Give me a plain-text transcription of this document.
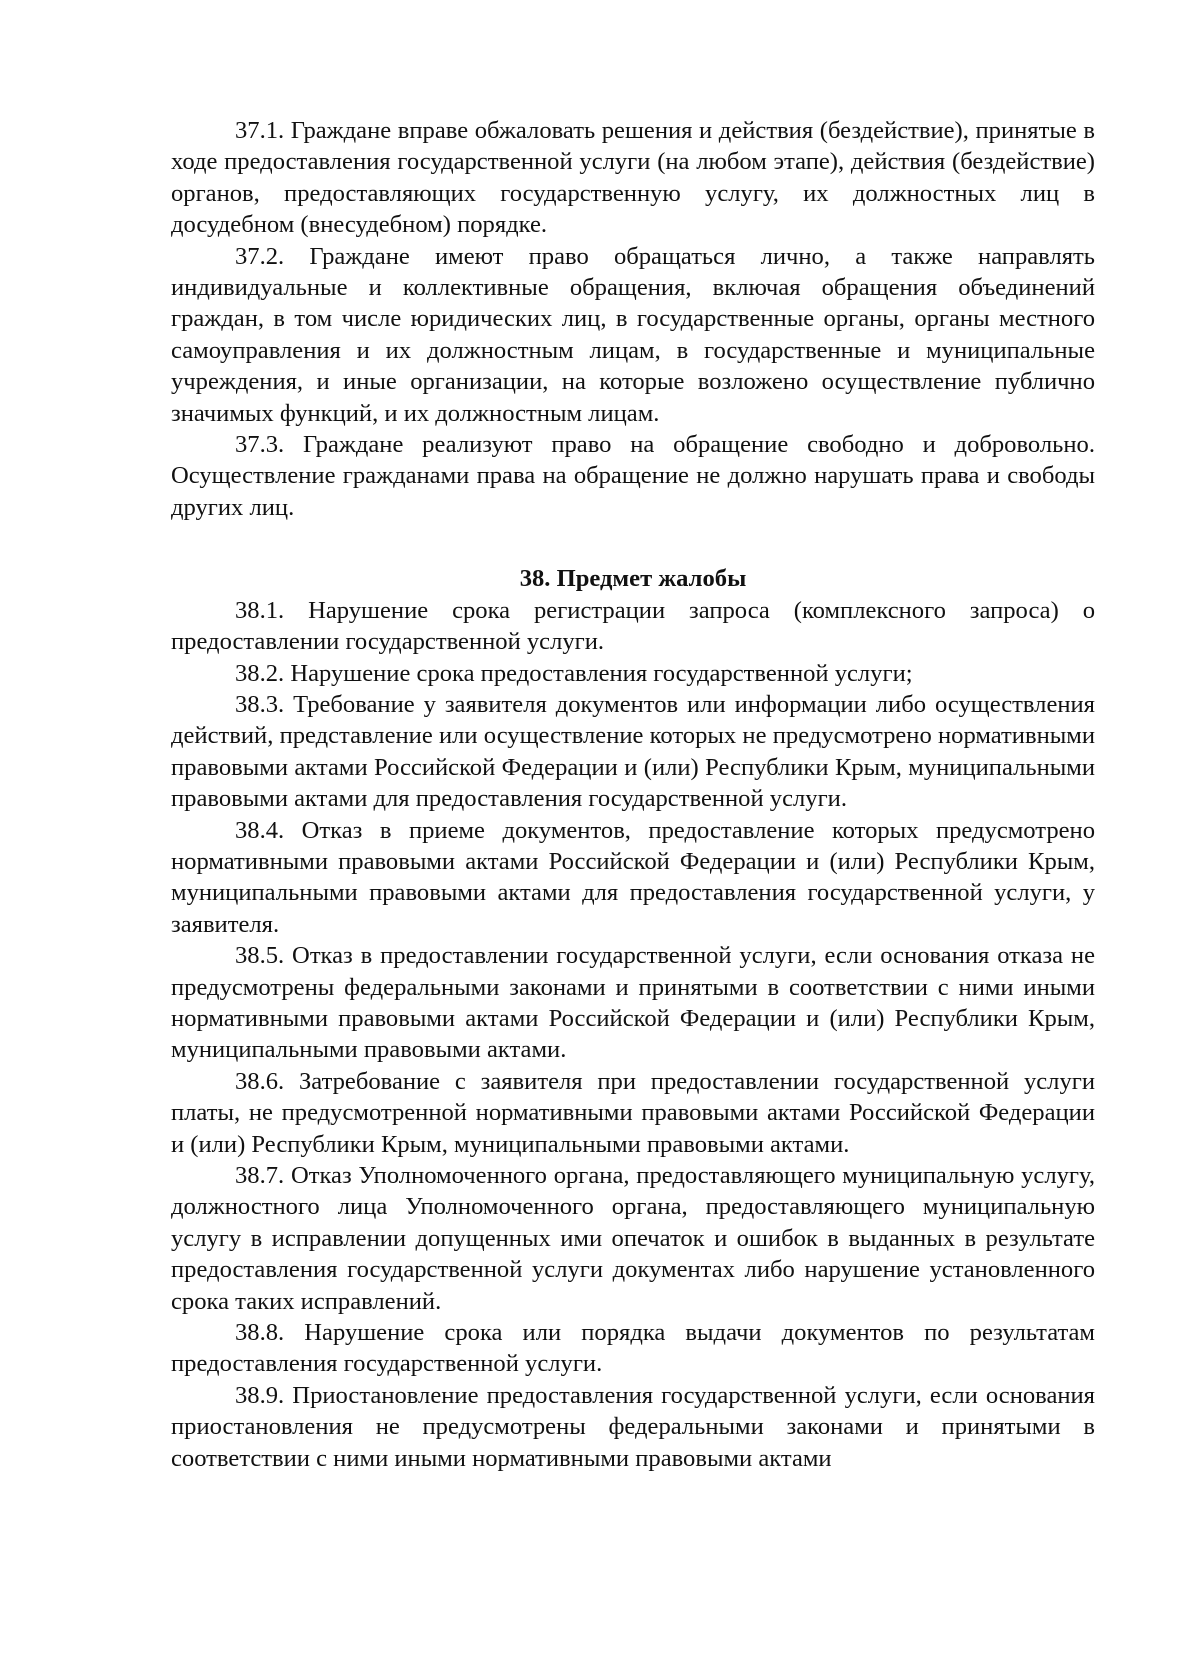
37.1. Граждане вправе обжаловать решения и действия (бездействие), принятые в ходе предоставления государственной услуги (на любом этапе), действия (бездействие) органов, предоставляющих государственную услугу, их должностных лиц в досудебном (внесудебном) порядке.

37.2. Граждане имеют право обращаться лично, а также направлять индивидуальные и коллективные обращения, включая обращения объединений граждан, в том числе юридических лиц, в государственные органы, органы местного самоуправления и их должностным лицам, в государственные и муниципальные учреждения, и иные организации, на которые возложено осуществление публично значимых функций, и их должностным лицам.

37.3. Граждане реализуют право на обращение свободно и добровольно. Осуществление гражданами права на обращение не должно нарушать права и свободы других лиц.

38. Предмет жалобы

38.1. Нарушение срока регистрации запроса (комплексного запроса) о предоставлении государственной услуги.

38.2. Нарушение срока предоставления государственной услуги;

38.3. Требование у заявителя документов или информации либо осуществления действий, представление или осуществление которых не предусмотрено нормативными правовыми актами Российской Федерации и (или) Республики Крым, муниципальными правовыми актами для предоставления государственной услуги.

38.4. Отказ в приеме документов, предоставление которых предусмотрено нормативными правовыми актами Российской Федерации и (или) Республики Крым, муниципальными правовыми актами для предоставления государственной услуги, у заявителя.

38.5. Отказ в предоставлении государственной услуги, если основания отказа не предусмотрены федеральными законами и принятыми в соответствии с ними иными нормативными правовыми актами Российской Федерации и (или) Республики Крым, муниципальными правовыми актами.

38.6. Затребование с заявителя при предоставлении государственной услуги платы, не предусмотренной нормативными правовыми актами Российской Федерации и (или) Республики Крым, муниципальными правовыми актами.

38.7. Отказ Уполномоченного органа, предоставляющего муниципальную услугу, должностного лица Уполномоченного органа, предоставляющего муниципальную услугу в исправлении допущенных ими опечаток и ошибок в выданных в результате предоставления государственной услуги документах либо нарушение установленного срока таких исправлений.

38.8. Нарушение срока или порядка выдачи документов по результатам предоставления государственной услуги.

38.9. Приостановление предоставления государственной услуги, если основания приостановления не предусмотрены федеральными законами и принятыми в соответствии с ними иными нормативными правовыми актами
